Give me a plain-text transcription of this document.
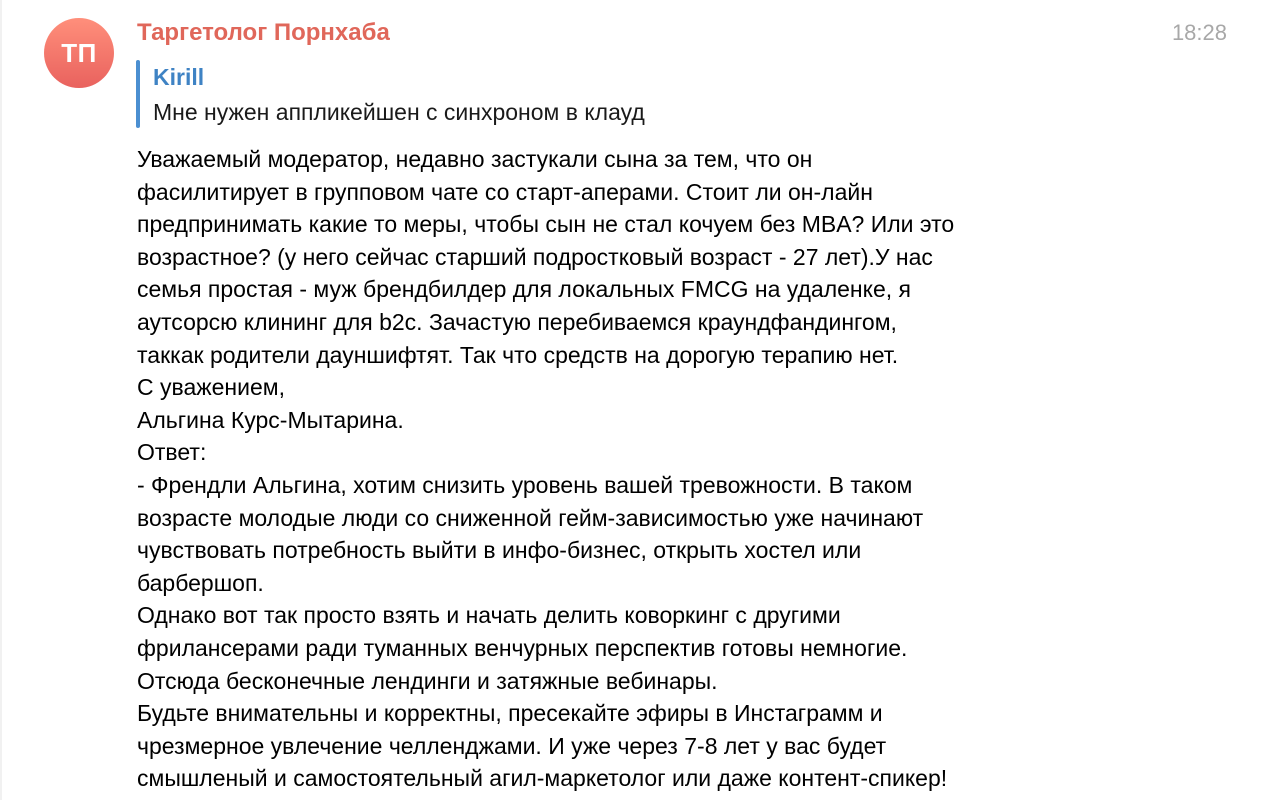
ТП
Таргетолог Порнхаба	18:28
Kirill
Мне нужен аппликейшен с синхроном в клауд
Уважаемый модератор, недавно застукали сына за тем, что он
фасилитирует в групповом чате со старт-аперами. Стоит ли он-лайн
предпринимать какие то меры, чтобы сын не стал кочуем без MBA? Или это
возрастное? (у него сейчас старший подростковый возраст - 27 лет).У нас
семья простая - муж брендбилдер для локальных FMCG на удаленке, я
аутсорсю клининг для b2c. Зачастую перебиваемся краундфандингом,
таккак родители дауншифтят. Так что средств на дорогую терапию нет.
С уважением,
Альгина Курс-Мытарина.
Ответ:
- Френдли Альгина, хотим снизить уровень вашей тревожности. В таком
возрасте молодые люди со сниженной гейм-зависимостью уже начинают
чувствовать потребность выйти в инфо-бизнес, открыть хостел или
барбершоп.
Однако вот так просто взять и начать делить коворкинг с другими
фрилансерами ради туманных венчурных перспектив готовы немногие.
Отсюда бесконечные лендинги и затяжные вебинары.
Будьте внимательны и корректны, пресекайте эфиры в Инстаграмм и
чрезмерное увлечение челленджами. И уже через 7-8 лет у вас будет
смышленый и самостоятельный агил-маркетолог или даже контент-спикер!
